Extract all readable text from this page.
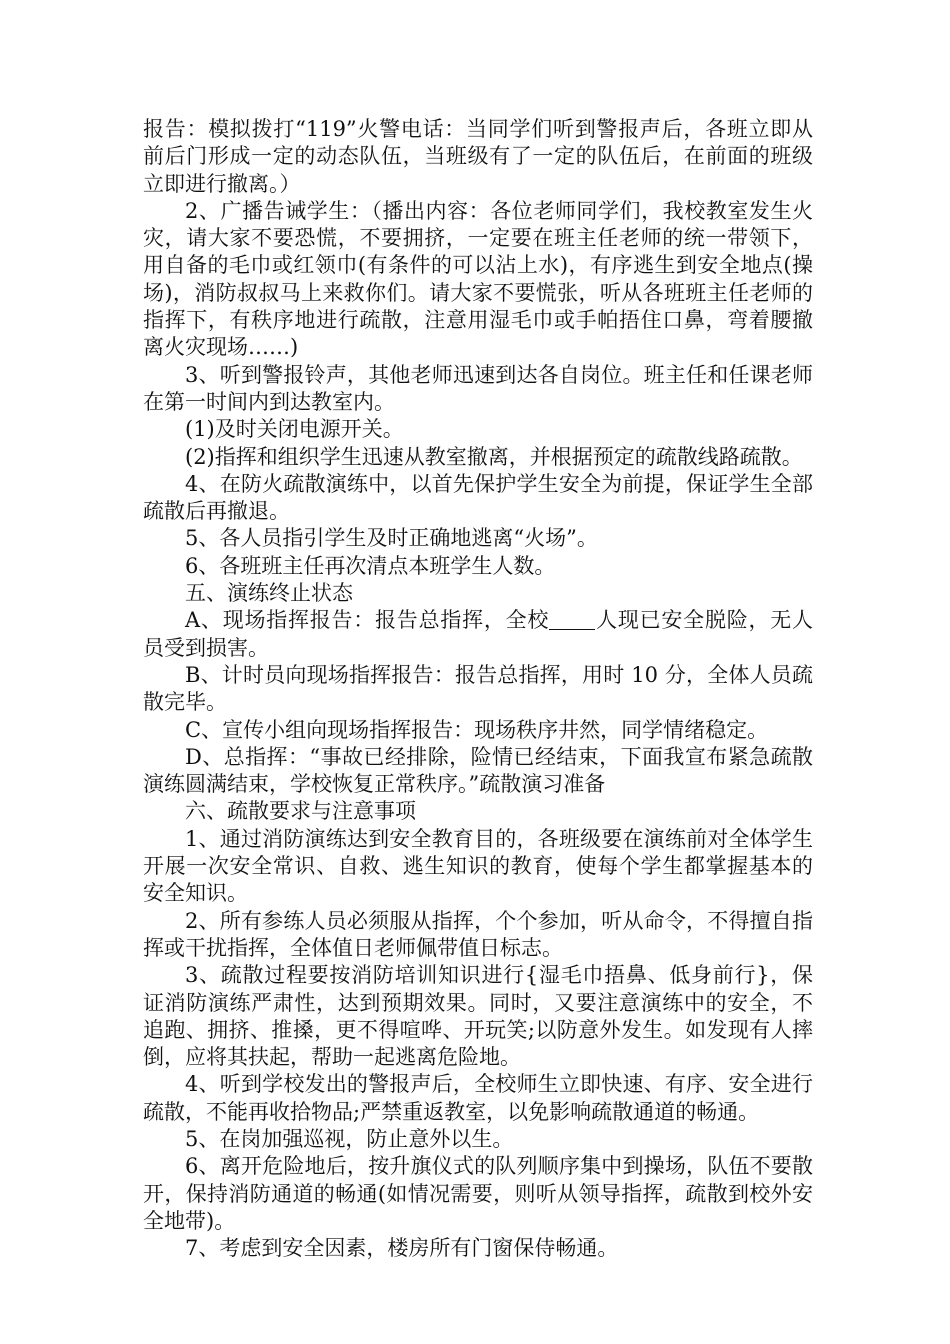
报告：模拟拨打“119”火警电话：当同学们听到警报声后，各班立即从前后门形成一定的动态队伍，当班级有了一定的队伍后，在前面的班级立即进行撤离。）

2、广播告诫学生：（播出内容：各位老师同学们，我校教室发生火灾，请大家不要恐慌，不要拥挤，一定要在班主任老师的统一带领下，用自备的毛巾或红领巾(有条件的可以沾上水)，有序逃生到安全地点(操场)，消防叔叔马上来救你们。请大家不要慌张，听从各班班主任老师的指挥下，有秩序地进行疏散，注意用湿毛巾或手帕捂住口鼻，弯着腰撤离火灾现场……)

3、听到警报铃声，其他老师迅速到达各自岗位。班主任和任课老师在第一时间内到达教室内。

(1)及时关闭电源开关。

(2)指挥和组织学生迅速从教室撤离，并根据预定的疏散线路疏散。

4、在防火疏散演练中，以首先保护学生安全为前提，保证学生全部疏散后再撤退。

5、各人员指引学生及时正确地逃离“火场”。

6、各班班主任再次清点本班学生人数。

五、演练终止状态

A、现场指挥报告：报告总指挥，全校 人现已安全脱险，无人员受到损害。

B、计时员向现场指挥报告：报告总指挥，用时 10 分，全体人员疏散完毕。

C、宣传小组向现场指挥报告：现场秩序井然，同学情绪稳定。

D、总指挥：“事故已经排除，险情已经结束，下面我宣布紧急疏散演练圆满结束，学校恢复正常秩序。”疏散演习准备

六、疏散要求与注意事项

1、通过消防演练达到安全教育目的，各班级要在演练前对全体学生开展一次安全常识、自救、逃生知识的教育，使每个学生都掌握基本的安全知识。

2、所有参练人员必须服从指挥，个个参加，听从命令，不得擅自指挥或干扰指挥，全体值日老师佩带值日标志。

3、疏散过程要按消防培训知识进行{湿毛巾捂鼻、低身前行}，保证消防演练严肃性，达到预期效果。同时，又要注意演练中的安全，不追跑、拥挤、推搡，更不得喧哗、开玩笑;以防意外发生。如发现有人摔倒，应将其扶起，帮助一起逃离危险地。

4、听到学校发出的警报声后，全校师生立即快速、有序、安全进行疏散，不能再收拾物品;严禁重返教室，以免影响疏散通道的畅通。

5、在岗加强巡视，防止意外以生。

6、离开危险地后，按升旗仪式的队列顺序集中到操场，队伍不要散开，保持消防通道的畅通(如情况需要，则听从领导指挥，疏散到校外安全地带)。

7、考虑到安全因素，楼房所有门窗保侍畅通。
